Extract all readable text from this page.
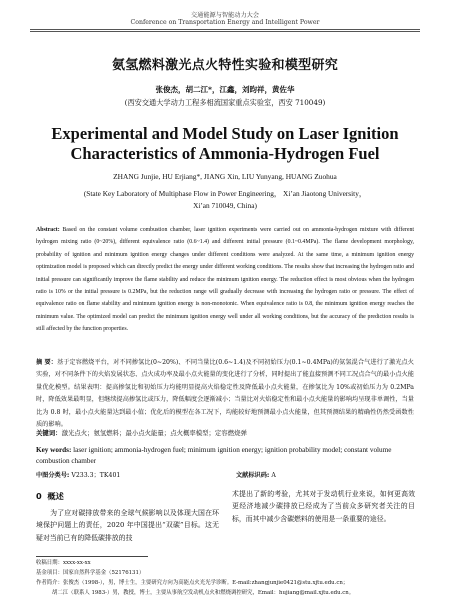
交通能源与智能动力大会
Conference on Transportation Energy and Intelligent Power
氨氢燃料激光点火特性实验和模型研究
张俊杰，胡二江*，江鑫，刘昀祥，黄佐华
(西安交通大学动力工程多相流国家重点实验室，西安 710049)
Experimental and Model Study on Laser Ignition
Characteristics of Ammonia-Hydrogen Fuel
ZHANG Junjie, HU Erjiang*, JIANG Xin, LIU Yunyang, HUANG Zuohua
(State Key Laboratory of Multiphase Flow in Power Engineering， Xi’an Jiaotong University，
Xi’an 710049, China)
Abstract: Based on the constant volume combustion chamber, laser ignition experiments were carried out on ammonia-hydrogen mixture with different hydrogen mixing ratio (0~20%), different equivalence ratio (0.6~1.4) and different initial pressure (0.1~0.4MPa). The flame development morphology, probability of ignition and minimum ignition energy changes under different conditions were analyzed. At the same time, a minimum ignition energy optimization model is proposed which can directly predict the energy under different working conditions. The results show that increasing the hydrogen ratio and initial pressure can significantly improve the flame stability and reduce the minimum ignition energy. The reduction effect is most obvious when the hydrogen ratio is 10% or the initial pressure is 0.2MPa, but the reduction range will gradually decrease with increasing the hydrogen ratio or pressure. The effect of equivalence ratio on flame stability and minimum ignition energy is non-monotonic. When equivalence ratio is 0.8, the minimum ignition energy reaches the minimum value. The optimized model can predict the minimum ignition energy well under all working conditions, but the accuracy of the prediction results is still affected by the function properties.
摘 要：基于定容燃烧平台，对不同掺氢比(0~20%)、不同当量比(0.6~1.4)及不同初始压力(0.1~0.4MPa)的氨氢混合气进行了激光点火实验，对不同条件下的火焰发展状态、点火成功率及最小点火能量的变化进行了分析，同时提出了能直接预测不同工况点合气的最小点火能量优化模型。结果表明：提高掺氢比和初始压力均能明显提高火焰稳定性及降低最小点火能量，在掺氢比为 10%或初始压力为 0.2MPa 时，降低效果最明显，但继续提高掺氢比或压力，降低幅度会逐渐减小；当量比对火焰稳定性和最小点火能量的影响均呈现非单调性，当量比为 0.8 时，最小点火能量达到最小值；优化后的模型在各工况下，均能较好地预测最小点火能量，但其预测结果的精确性仍然受函数性质的影响。
关键词：激光点火；氨氢燃料；最小点火能量；点火概率模型；定容燃烧弹
Key words: laser ignition; ammonia-hydrogen fuel; minimum ignition energy; ignition probability model; constant volume combustion chamber
中图分类号: V233.3；TK401	文献标识码: A
0 概述
为了应对碳排放带来的全球气候影响以及体现大国在环境保护问题上的责任，2020 年中国提出“双碳”目标。这无疑对当前已有的降低碳排放的技
术提出了新的考验，尤其对于发动机行业来说，如何更高效更经济地减少碳排放已经成为了当前众多研究者关注的目标，而其中减少含碳燃料的使用是一条重要的途径。
收稿日期：xxxx-xx-xx
基金项目：国家自然科学基金（52176131）
作者简介：张俊杰（1998-），男，博士生，主要研究方向为高能点火光光学诊断。E-mail:zhangjunjie0421@stu.xjtu.edu.cn；
胡二江（联系人 1983-）男，教授，博士，主要从事航空发动机点火和燃烧调控研究，Email：hujiang@mail.xjtu.edu.cn。
